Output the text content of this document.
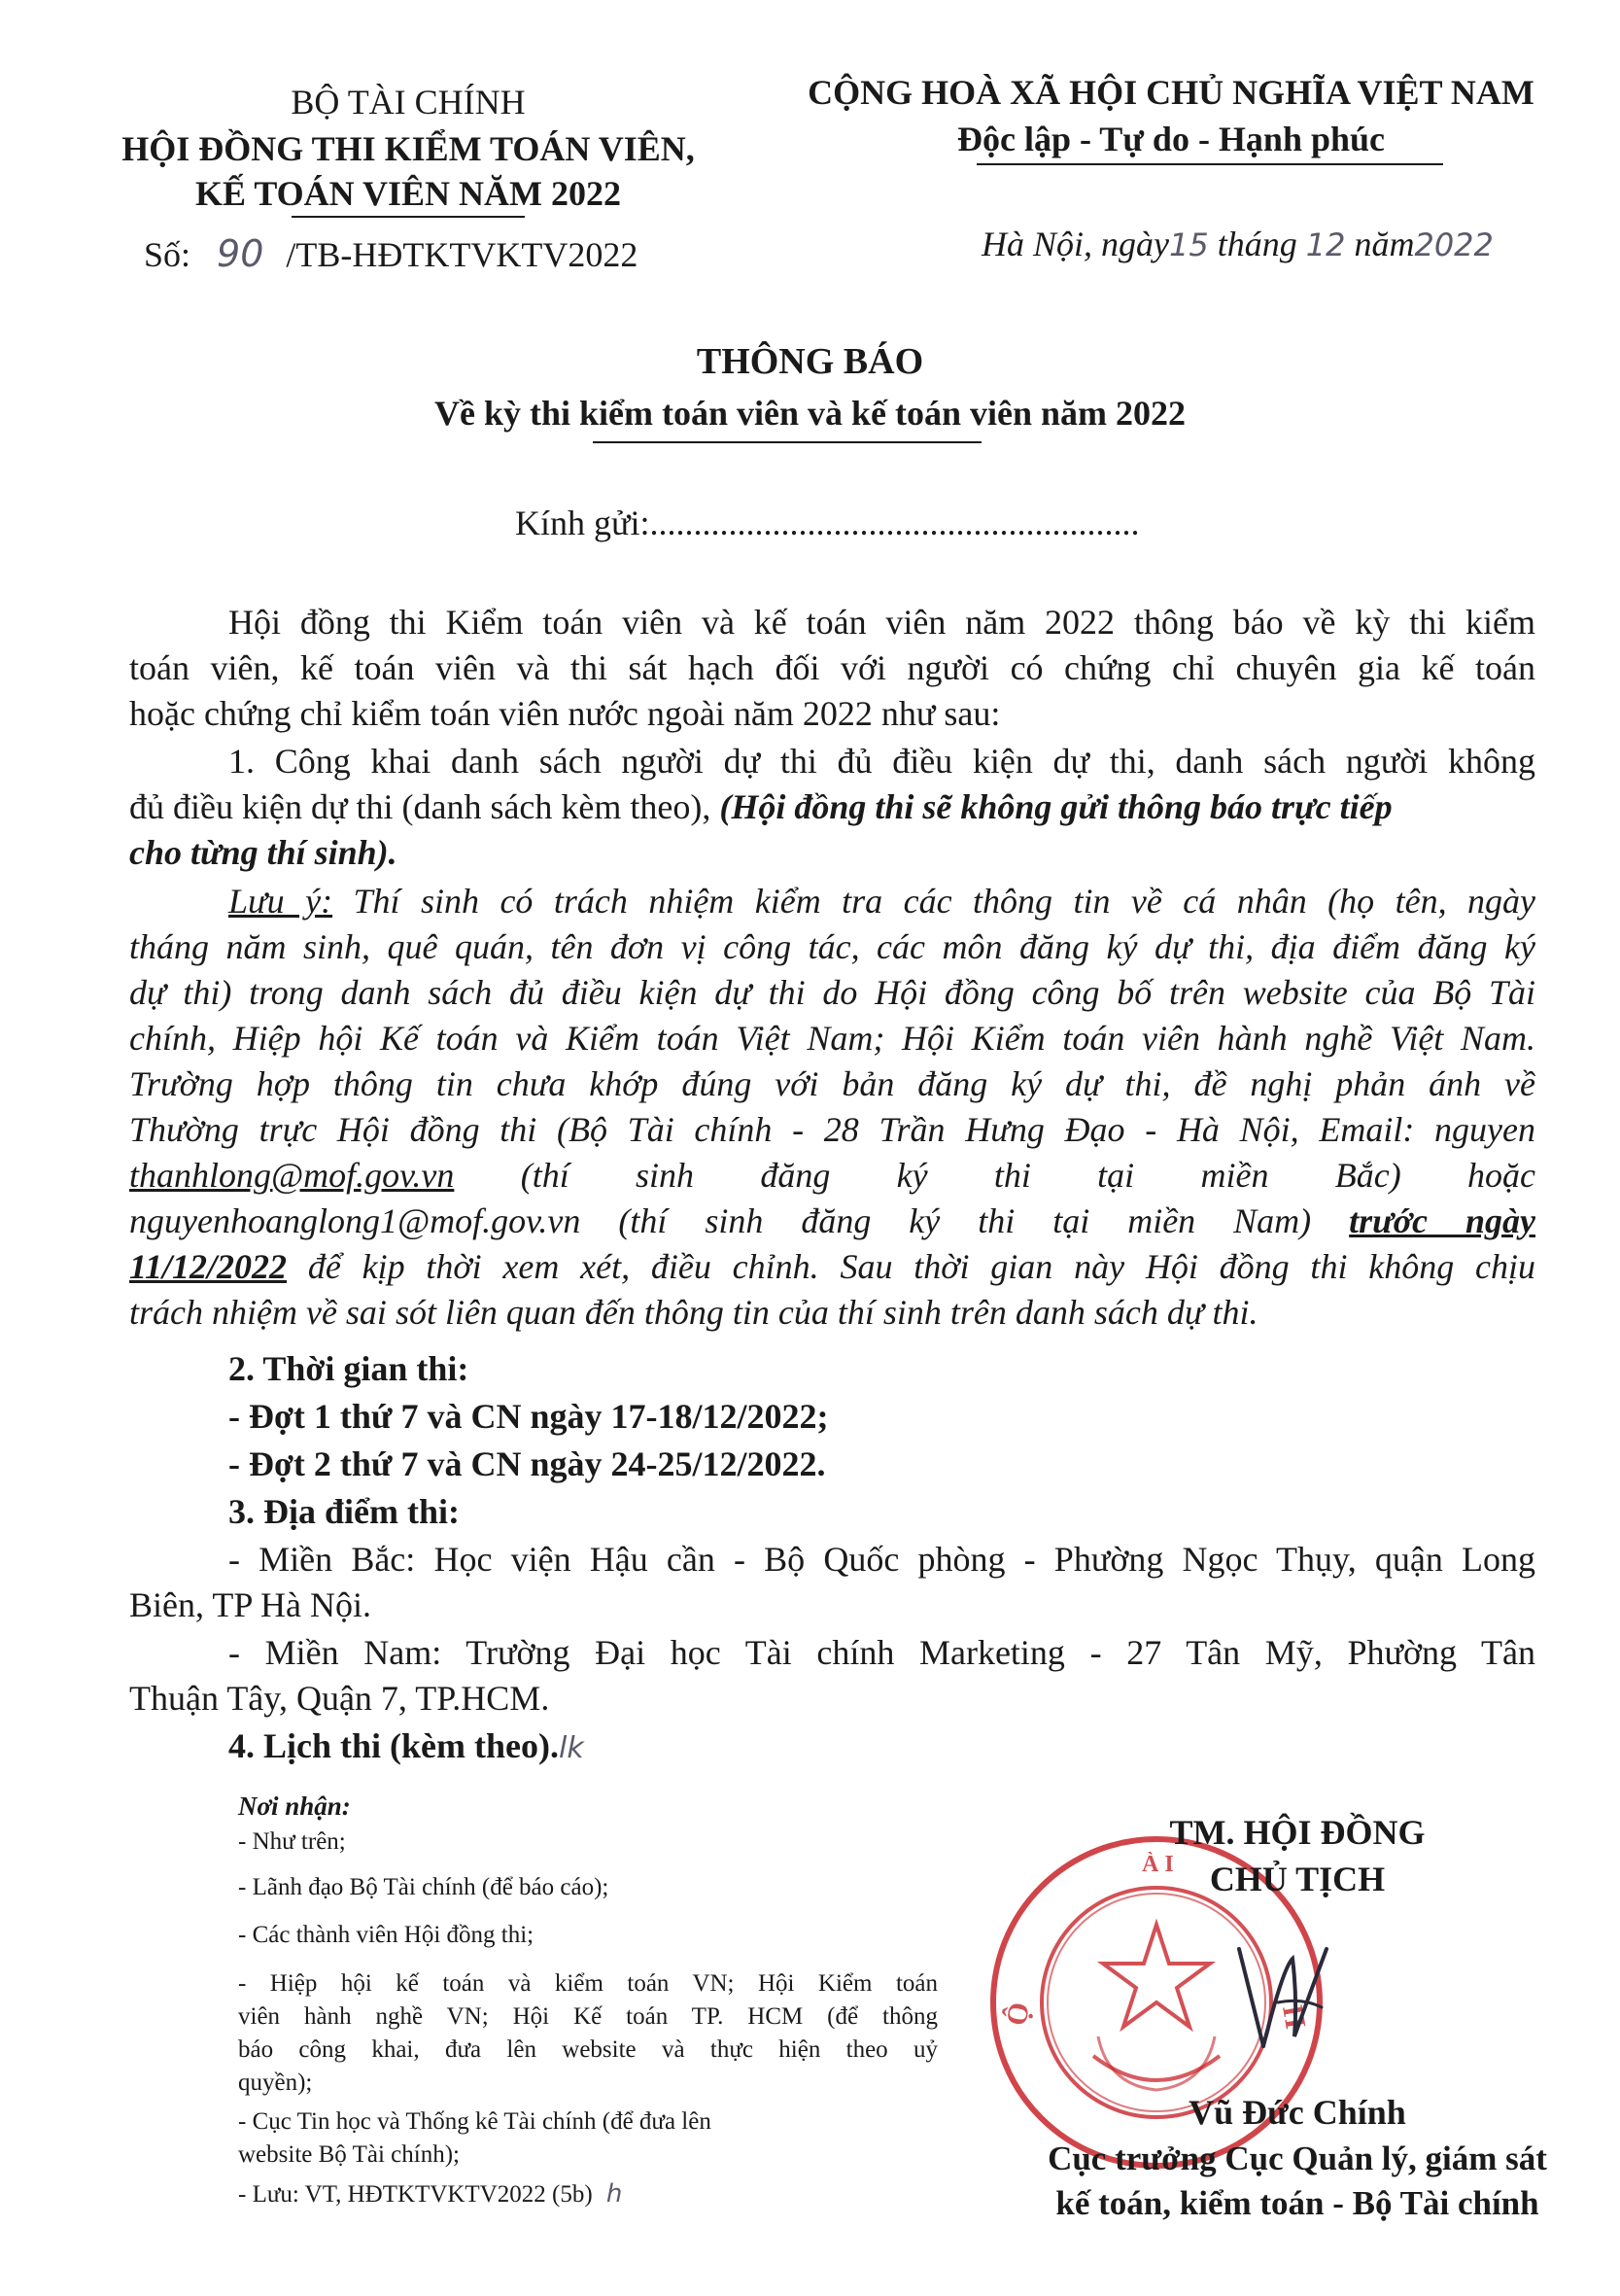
BỘ TÀI CHÍNH
HỘI ĐỒNG THI KIỂM TOÁN VIÊN,
KẾ TOÁN VIÊN NĂM 2022
Số: 90 /TB-HĐTKTVKTV2022
CỘNG HOÀ XÃ HỘI CHỦ NGHĨA VIỆT NAM
Độc lập - Tự do - Hạnh phúc
Hà Nội, ngày15 tháng 12 năm2022
THÔNG BÁO
Về kỳ thi kiểm toán viên và kế toán viên năm 2022
Kính gửi:........................................................
Hội đồng thi Kiểm toán viên và kế toán viên năm 2022 thông báo về kỳ thi kiểm
toán viên, kế toán viên và thi sát hạch đối với người có chứng chỉ chuyên gia kế toán
hoặc chứng chỉ kiểm toán viên nước ngoài năm 2022 như sau:
1. Công khai danh sách người dự thi đủ điều kiện dự thi, danh sách người không
đủ điều kiện dự thi (danh sách kèm theo), (Hội đồng thi sẽ không gửi thông báo trực tiếp
cho từng thí sinh).
Lưu ý: Thí sinh có trách nhiệm kiểm tra các thông tin về cá nhân (họ tên, ngày
tháng năm sinh, quê quán, tên đơn vị công tác, các môn đăng ký dự thi, địa điểm đăng ký
dự thi) trong danh sách đủ điều kiện dự thi do Hội đồng công bố trên website của Bộ Tài
chính, Hiệp hội Kế toán và Kiểm toán Việt Nam; Hội Kiểm toán viên hành nghề Việt Nam.
Trường hợp thông tin chưa khớp đúng với bản đăng ký dự thi, đề nghị phản ánh về
Thường trực Hội đồng thi (Bộ Tài chính - 28 Trần Hưng Đạo - Hà Nội, Email: nguyen
thanhlong@mof.gov.vn (thí sinh đăng ký thi tại miền Bắc) hoặc
nguyenhoanglong1@mof.gov.vn (thí sinh đăng ký thi tại miền Nam) trước ngày
11/12/2022 để kịp thời xem xét, điều chỉnh. Sau thời gian này Hội đồng thi không chịu
trách nhiệm về sai sót liên quan đến thông tin của thí sinh trên danh sách dự thi.
2. Thời gian thi:
- Đợt 1 thứ 7 và CN ngày 17-18/12/2022;
- Đợt 2 thứ 7 và CN ngày 24-25/12/2022.
3. Địa điểm thi:
- Miền Bắc: Học viện Hậu cần - Bộ Quốc phòng - Phường Ngọc Thụy, quận Long
Biên, TP Hà Nội.
- Miền Nam: Trường Đại học Tài chính Marketing - 27 Tân Mỹ, Phường Tân
Thuận Tây, Quận 7, TP.HCM.
4. Lịch thi (kèm theo).lk
Nơi nhận:
- Như trên;
- Lãnh đạo Bộ Tài chính (để báo cáo);
- Các thành viên Hội đồng thi;
- Hiệp hội kế toán và kiểm toán VN; Hội Kiểm toán
viên hành nghề VN; Hội Kế toán TP. HCM (để thông
báo công khai, đưa lên website và thực hiện theo uỷ
quyền);
- Cục Tin học và Thống kê Tài chính (để đưa lên
website Bộ Tài chính);
- Lưu: VT, HĐTKTVKTV2022 (5b) h
Ộ	H
À I
TM. HỘI ĐỒNG
CHỦ TỊCH
Vũ Đức Chính
Cục trưởng Cục Quản lý, giám sát
kế toán, kiểm toán - Bộ Tài chính
